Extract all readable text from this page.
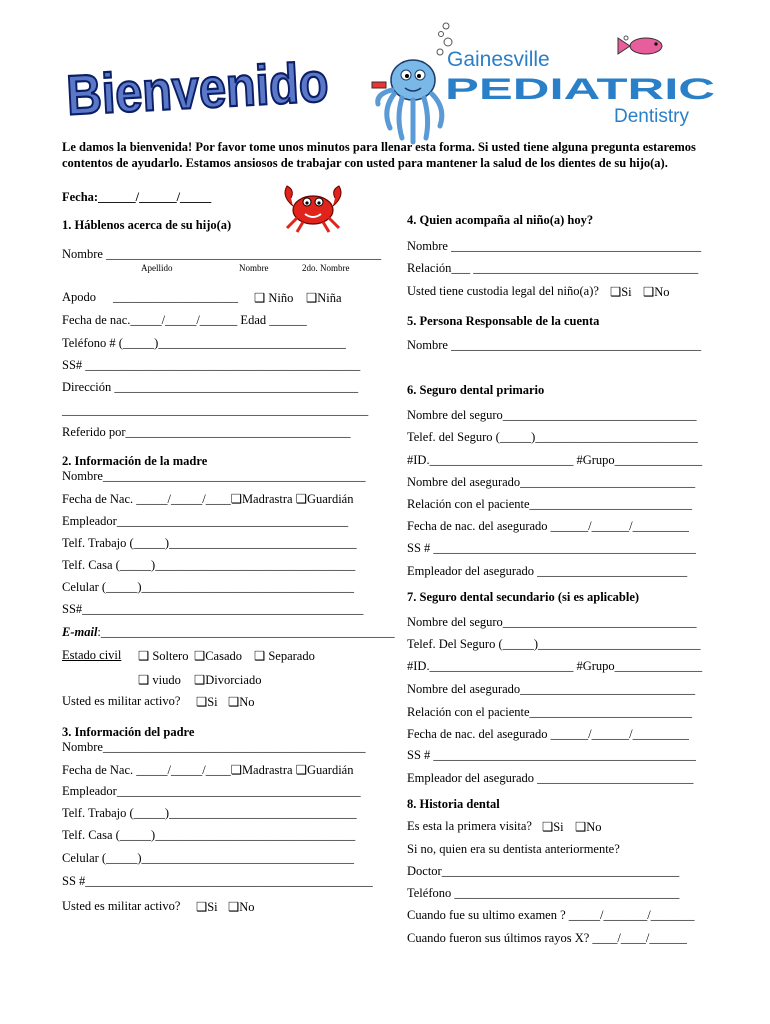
Bienvenido	Gainesville
PEDIATRIC
Dentistry
Le damos la bienvenida! Por favor tome unos minutos para llenar esta forma. Si usted tiene alguna pregunta estaremos contentos de ayudarlo. Estamos ansiosos de trabajar con usted para mantener la salud de los dientes de su hijo(a).
Fecha:______/______/_____
1. Háblenos acerca de su hijo(a)
Nombre ____________________________________________
Apellido	Nombre	2do. Nombre
Apodo ____________________ ❑ Niño ❑Niña
Fecha de nac._____/_____/______ Edad ______
Teléfono # (_____)______________________________
SS# ____________________________________________
Dirección _______________________________________
_________________________________________________
Referido por____________________________________
2. Información de la madre
Nombre__________________________________________
Fecha de Nac. _____/_____/____❑Madrastra ❑Guardián
Empleador_____________________________________
Telf. Trabajo (_____)______________________________
Telf. Casa (_____)________________________________
Celular (_____)__________________________________
SS#_____________________________________________
E-mail:_______________________________________________
Estado civil ❑ Soltero ❑Casado ❑ Separado
❑ viudo ❑Divorciado
Usted es militar activo? ❑Si ❑No
3. Información del padre
Nombre__________________________________________
Fecha de Nac. _____/_____/____❑Madrastra ❑Guardián
Empleador_______________________________________
Telf. Trabajo (_____)______________________________
Telf. Casa (_____)________________________________
Celular (_____)__________________________________
SS #______________________________________________
Usted es militar activo? ❑Si ❑No
4. Quien acompaña al niño(a) hoy?
Nombre ________________________________________
Relación___ ____________________________________
Usted tiene custodia legal del niño(a)? ❑Si ❑No
5. Persona Responsable de la cuenta
Nombre ________________________________________
6. Seguro dental primario
Nombre del seguro_______________________________
Telef. del Seguro (_____)__________________________
#ID._______________________ #Grupo______________
Nombre del asegurado____________________________
Relación con el paciente__________________________
Fecha de nac. del asegurado ______/______/_________
SS # __________________________________________
Empleador del asegurado ________________________
7. Seguro dental secundario (si es aplicable)
Nombre del seguro_______________________________
Telef. Del Seguro (_____)__________________________
#ID._______________________ #Grupo______________
Nombre del asegurado____________________________
Relación con el paciente__________________________
Fecha de nac. del asegurado ______/______/_________
SS # __________________________________________
Empleador del asegurado _________________________
8. Historia dental
Es esta la primera visita? ❑Si ❑No
Si no, quien era su dentista anteriormente?
Doctor______________________________________
Teléfono ____________________________________
Cuando fue su ultimo examen ? _____/_______/_______
Cuando fueron sus últimos rayos X? ____/____/______
